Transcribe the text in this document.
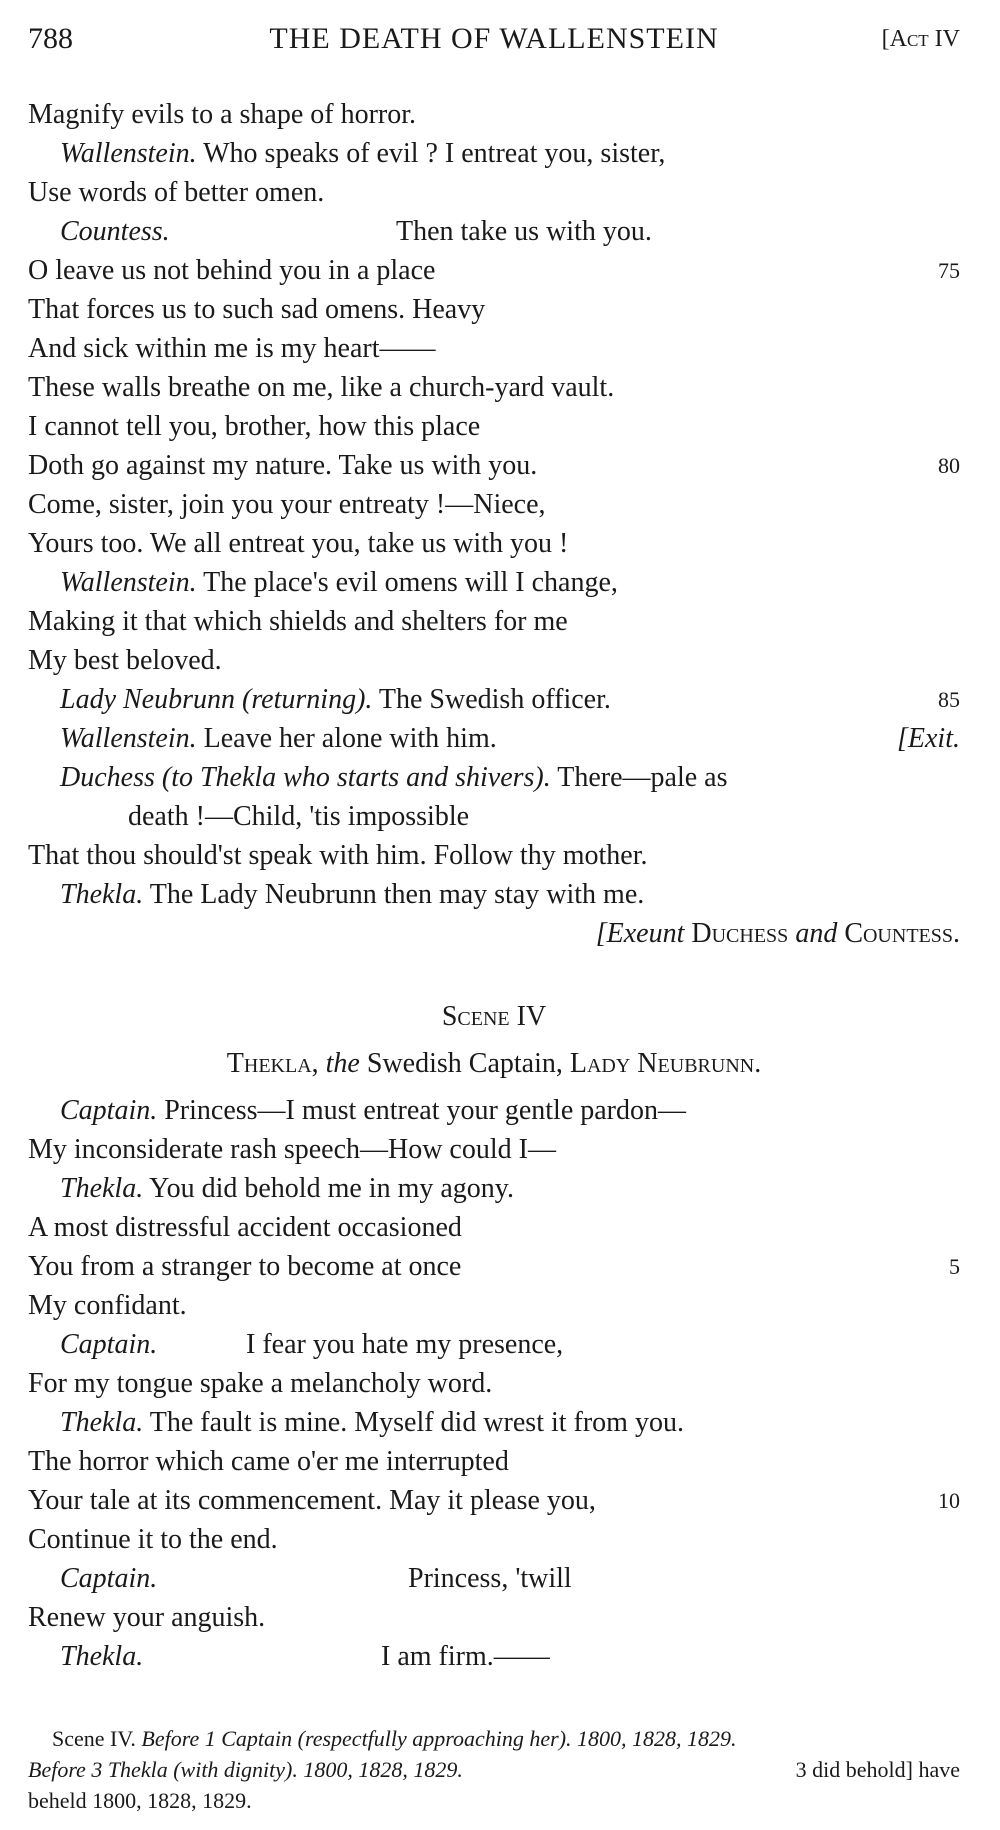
788	THE DEATH OF WALLENSTEIN	[Act IV
Magnify evils to a shape of horror.
Wallenstein. Who speaks of evil ? I entreat you, sister,
Use words of better omen.
Countess.	Then take us with you.
O leave us not behind you in a place	75
That forces us to such sad omens. Heavy
And sick within me is my heart——
These walls breathe on me, like a church-yard vault.
I cannot tell you, brother, how this place
Doth go against my nature. Take us with you.	80
Come, sister, join you your entreaty !—Niece,
Yours too. We all entreat you, take us with you !
Wallenstein. The place's evil omens will I change,
Making it that which shields and shelters for me
My best beloved.
Lady Neubrunn (returning). The Swedish officer.	85
Wallenstein. Leave her alone with him.	[Exit.
Duchess (to Thekla who starts and shivers). There—pale as
death !—Child, 'tis impossible
That thou should'st speak with him. Follow thy mother.
Thekla. The Lady Neubrunn then may stay with me.
[Exeunt Duchess and Countess.
Scene IV
Thekla, the Swedish Captain, Lady Neubrunn.
Captain. Princess—I must entreat your gentle pardon—
My inconsiderate rash speech—How could I—
Thekla. You did behold me in my agony.
A most distressful accident occasioned
You from a stranger to become at once	5
My confidant.
Captain.	I fear you hate my presence,
For my tongue spake a melancholy word.
Thekla. The fault is mine. Myself did wrest it from you.
The horror which came o'er me interrupted
Your tale at its commencement. May it please you,	10
Continue it to the end.
Captain.	Princess, 'twill
Renew your anguish.
Thekla.	I am firm.——
Scene IV. Before 1 Captain (respectfully approaching her). 1800, 1828, 1829.
Before 3 Thekla (with dignity). 1800, 1828, 1829.	3 did behold] have
beheld 1800, 1828, 1829.
